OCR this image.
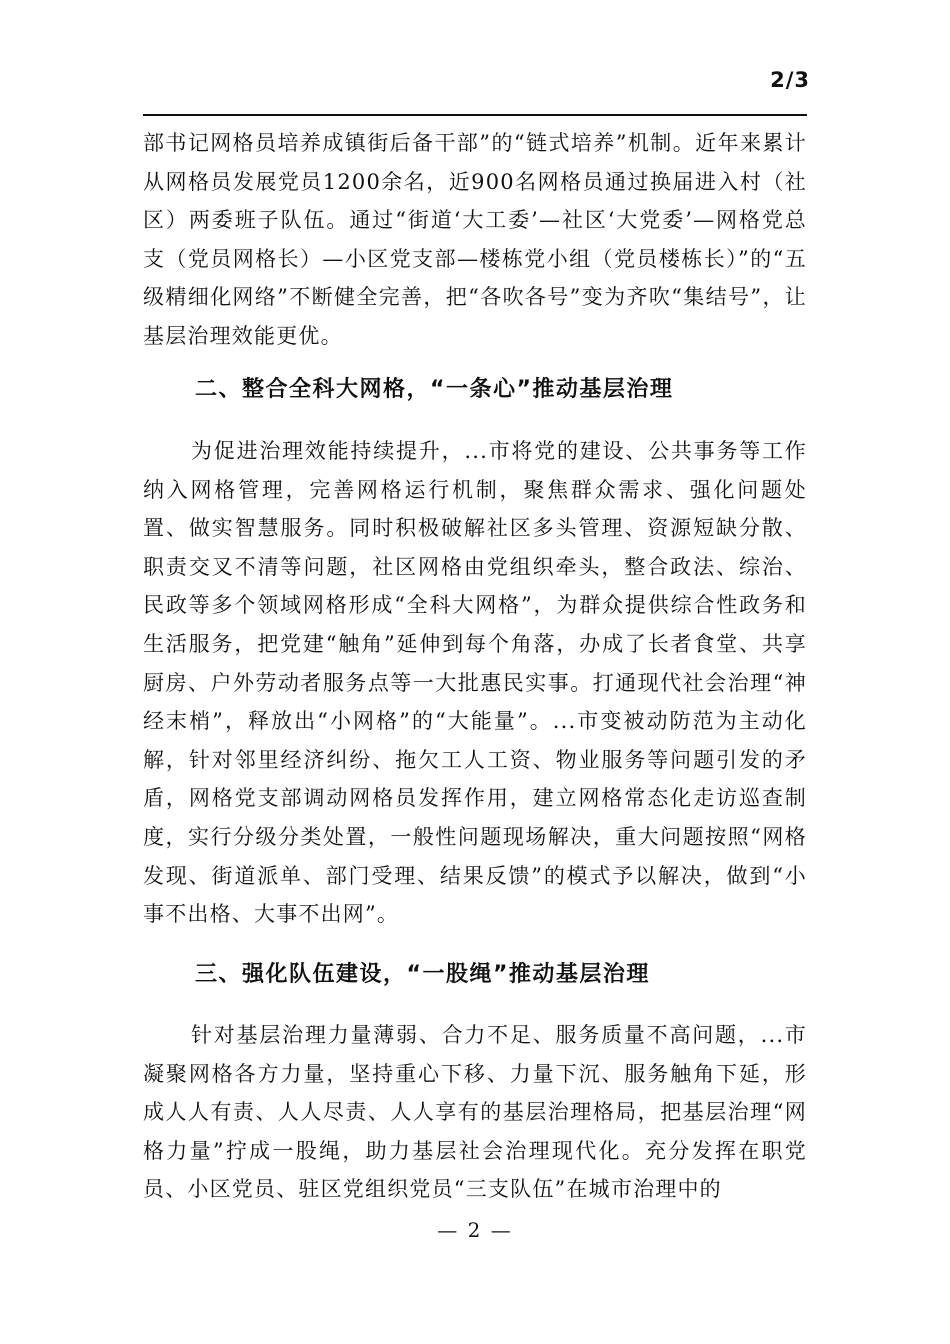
2/3

部书记网格员培养成镇街后备干部”的“链式培养”机制。近年来累计从网格员发展党员1200余名，近900名网格员通过换届进入村（社区）两委班子队伍。通过“街道‘大工委’—社区‘大党委’—网格党总支（党员网格长）—小区党支部—楼栋党小组（党员楼栋长）”的“五级精细化网络”不断健全完善，把“各吹各号”变为齐吹“集结号”，让基层治理效能更优。

二、整合全科大网格，“一条心”推动基层治理

为促进治理效能持续提升，...市将党的建设、公共事务等工作纳入网格管理，完善网格运行机制，聚焦群众需求、强化问题处置、做实智慧服务。同时积极破解社区多头管理、资源短缺分散、职责交叉不清等问题，社区网格由党组织牵头，整合政法、综治、民政等多个领域网格形成“全科大网格”，为群众提供综合性政务和生活服务，把党建“触角”延伸到每个角落，办成了长者食堂、共享厨房、户外劳动者服务点等一大批惠民实事。打通现代社会治理“神经末梢”，释放出“小网格”的“大能量”。...市变被动防范为主动化解，针对邻里经济纠纷、拖欠工人工资、物业服务等问题引发的矛盾，网格党支部调动网格员发挥作用，建立网格常态化走访巡查制度，实行分级分类处置，一般性问题现场解决，重大问题按照“网格发现、街道派单、部门受理、结果反馈”的模式予以解决，做到“小事不出格、大事不出网”。

三、强化队伍建设，“一股绳”推动基层治理

针对基层治理力量薄弱、合力不足、服务质量不高问题，...市凝聚网格各方力量，坚持重心下移、力量下沉、服务触角下延，形成人人有责、人人尽责、人人享有的基层治理格局，把基层治理“网格力量”拧成一股绳，助力基层社会治理现代化。充分发挥在职党员、小区党员、驻区党组织党员“三支队伍”在城市治理中的

— 2 —
